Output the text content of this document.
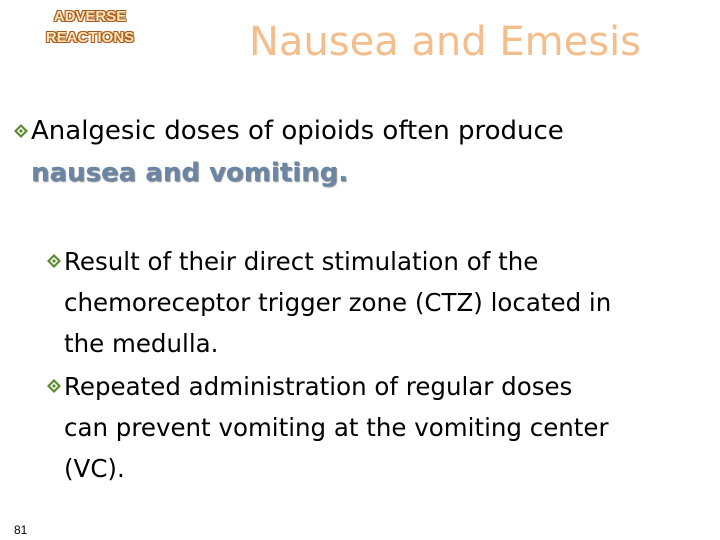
ADVERSE
REACTIONS	Nausea and Emesis
Analgesic doses of opioids often produce
nausea and vomiting.
Result of their direct stimulation of the
chemoreceptor trigger zone (CTZ) located in
the medulla.
Repeated administration of regular doses
can prevent vomiting at the vomiting center
(VC).
81
